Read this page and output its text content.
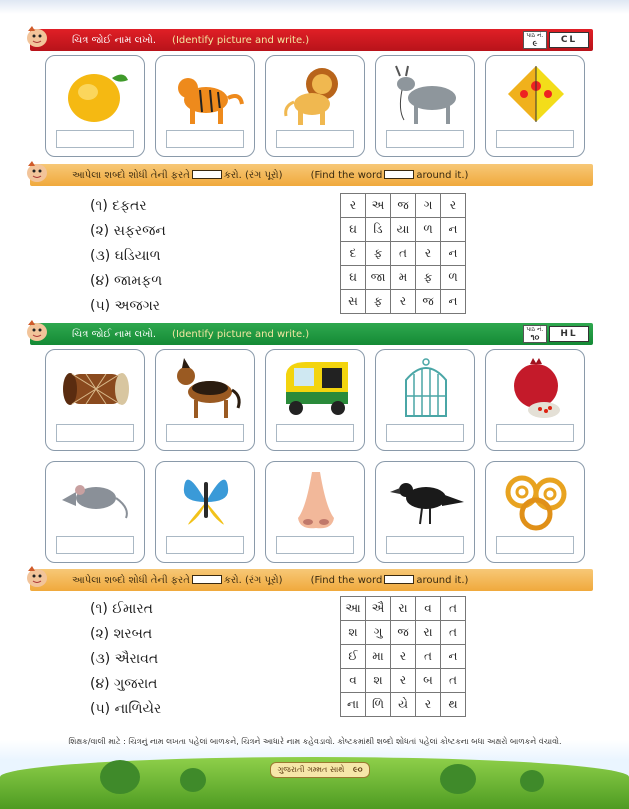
ચિત્ર જોઈ નામ લખો. (Identify picture and write.)	પાઠ નં.
૯	CL
આપેલા શબ્દો શોધી તેની ફરતે	કરો. (રંગ પૂરો)	(Find the word	around it.)
(૧) દફતર
(૨) સફરજન
(૩) ઘડિયાળ
(૪) જામફળ
(૫) અજગર
ર	અ	જ	ગ	ર
ઘ	ડિ	યા	ળ	ન
દ	ફ	ત	ર	ન
ઘ	જા	મ	ફ	ળ
સ	ફ	ર	જ	ન
ચિત્ર જોઈ નામ લખો. (Identify picture and write.)	પાઠ નં.
૧૦	HL
આપેલા શબ્દો શોધી તેની ફરતે	કરો. (રંગ પૂરો)	(Find the word	around it.)
(૧) ઈમારત
(૨) શરબત
(૩) ઐરાવત
(૪) ગુજરાત
(૫) નાળિયેર
આ	ઐ	રા	વ	ત
શ	ગુ	જ	રા	ત
ઈ	મા	ર	ત	ન
વ	શ	ર	બ	ત
ના	ળિ	યે	ર	થ
શિક્ષક/વાલી માટે : ચિત્રનું નામ લખતા પહેલાં બાળકને, ચિત્રને આધારે નામ કહેવડાવો. કોષ્ટકમાંથી શબ્દો શોધતાં પહેલાં કોષ્ટકના બધા અક્ષરો બાળકને વંચાવો.
ગુજરાતી ગમ્મત સાથે ૯૦
